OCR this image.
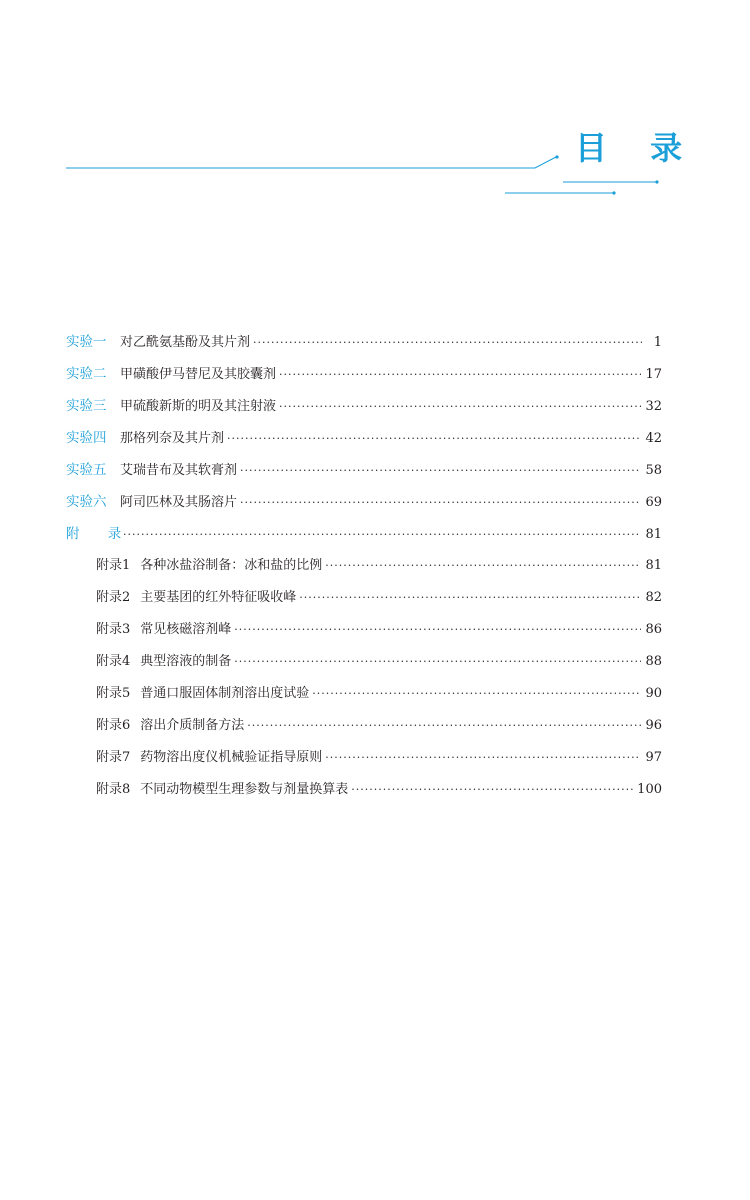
目 录
实验一	对乙酰氨基酚及其片剂 ·····	1
实验二	甲磺酸伊马替尼及其胶囊剂 ·····	17
实验三	甲硫酸新斯的明及其注射液 ·····	32
实验四	那格列奈及其片剂 ·····	42
实验五	艾瑞昔布及其软膏剂 ·····	58
实验六	阿司匹林及其肠溶片 ·····	69
附 录 ·····	81
附录1 各种冰盐浴制备：冰和盐的比例 ·····	81
附录2 主要基团的红外特征吸收峰 ·····	82
附录3 常见核磁溶剂峰 ·····	86
附录4 典型溶液的制备 ·····	88
附录5 普通口服固体制剂溶出度试验 ·····	90
附录6 溶出介质制备方法 ·····	96
附录7 药物溶出度仪机械验证指导原则 ·····	97
附录8 不同动物模型生理参数与剂量换算表 ·····	100
